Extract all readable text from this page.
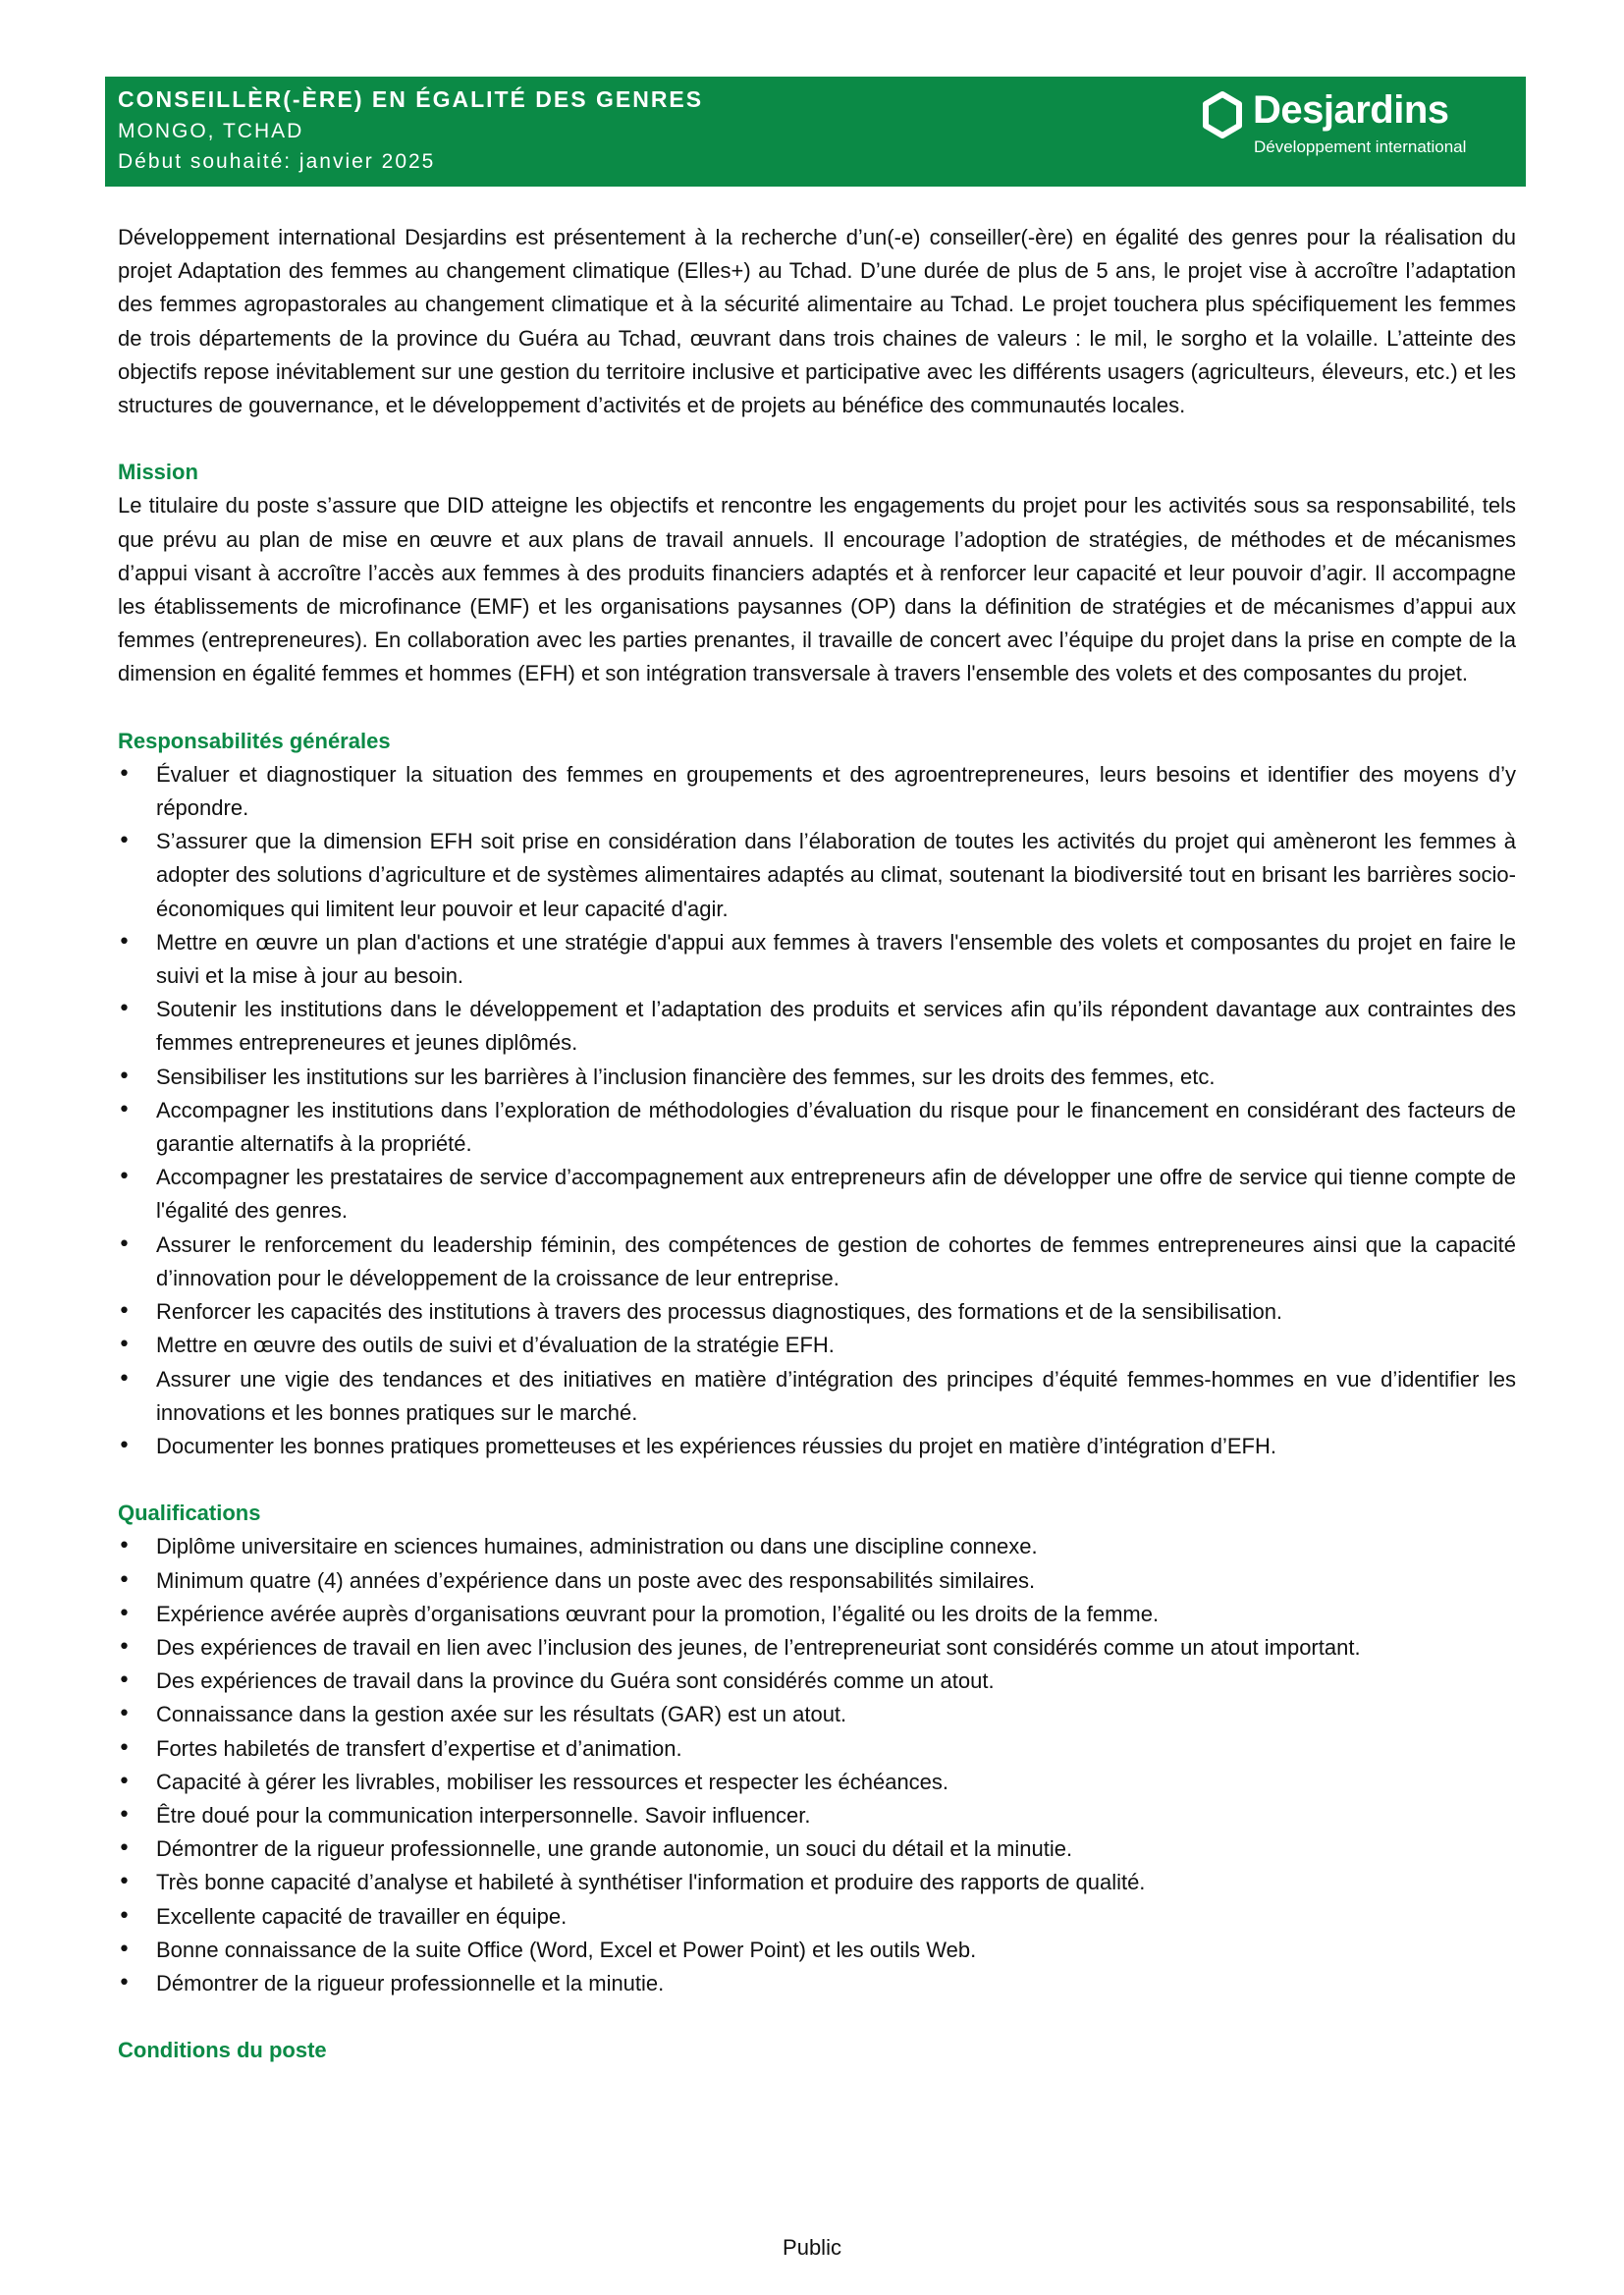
CONSEILLÈR(-ÈRE) EN ÉGALITÉ DES GENRES
MONGO, TCHAD
Début souhaité: janvier 2025
Desjardins
Développement international

Développement international Desjardins est présentement à la recherche d’un(-e) conseiller(-ère) en égalité des genres pour la réalisation du projet Adaptation des femmes au changement climatique (Elles+) au Tchad. D’une durée de plus de 5 ans, le projet vise à accroître l’adaptation des femmes agropastorales au changement climatique et à la sécurité alimentaire au Tchad. Le projet touchera plus spécifiquement les femmes de trois départements de la province du Guéra au Tchad, œuvrant dans trois chaines de valeurs : le mil, le sorgho et la volaille. L’atteinte des objectifs repose inévitablement sur une gestion du territoire inclusive et participative avec les différents usagers (agriculteurs, éleveurs, etc.) et les structures de gouvernance, et le développement d’activités et de projets au bénéfice des communautés locales.

Mission

Le titulaire du poste s’assure que DID atteigne les objectifs et rencontre les engagements du projet pour les activités sous sa responsabilité, tels que prévu au plan de mise en œuvre et aux plans de travail annuels. Il encourage l’adoption de stratégies, de méthodes et de mécanismes d’appui visant à accroître l’accès aux femmes à des produits financiers adaptés et à renforcer leur capacité et leur pouvoir d’agir. Il accompagne les établissements de microfinance (EMF) et les organisations paysannes (OP) dans la définition de stratégies et de mécanismes d’appui aux femmes (entrepreneures). En collaboration avec les parties prenantes, il travaille de concert avec l’équipe du projet dans la prise en compte de la dimension en égalité femmes et hommes (EFH) et son intégration transversale à travers l'ensemble des volets et des composantes du projet.

Responsabilités générales
• Évaluer et diagnostiquer la situation des femmes en groupements et des agroentrepreneures, leurs besoins et identifier des moyens d’y répondre.
• S’assurer que la dimension EFH soit prise en considération dans l’élaboration de toutes les activités du projet qui amèneront les femmes à adopter des solutions d’agriculture et de systèmes alimentaires adaptés au climat, soutenant la biodiversité tout en brisant les barrières socio-économiques qui limitent leur pouvoir et leur capacité d'agir.
• Mettre en œuvre un plan d'actions et une stratégie d'appui aux femmes à travers l'ensemble des volets et composantes du projet en faire le suivi et la mise à jour au besoin.
• Soutenir les institutions dans le développement et l’adaptation des produits et services afin qu’ils répondent davantage aux contraintes des femmes entrepreneures et jeunes diplômés.
• Sensibiliser les institutions sur les barrières à l’inclusion financière des femmes, sur les droits des femmes, etc.
• Accompagner les institutions dans l’exploration de méthodologies d’évaluation du risque pour le financement en considérant des facteurs de garantie alternatifs à la propriété.
• Accompagner les prestataires de service d’accompagnement aux entrepreneurs afin de développer une offre de service qui tienne compte de l'égalité des genres.
• Assurer le renforcement du leadership féminin, des compétences de gestion de cohortes de femmes entrepreneures ainsi que la capacité d’innovation pour le développement de la croissance de leur entreprise.
• Renforcer les capacités des institutions à travers des processus diagnostiques, des formations et de la sensibilisation.
• Mettre en œuvre des outils de suivi et d’évaluation de la stratégie EFH.
• Assurer une vigie des tendances et des initiatives en matière d’intégration des principes d’équité femmes-hommes en vue d’identifier les innovations et les bonnes pratiques sur le marché.
• Documenter les bonnes pratiques prometteuses et les expériences réussies du projet en matière d’intégration d’EFH.
Qualifications
• Diplôme universitaire en sciences humaines, administration ou dans une discipline connexe.
• Minimum quatre (4) années d’expérience dans un poste avec des responsabilités similaires.
• Expérience avérée auprès d’organisations œuvrant pour la promotion, l’égalité ou les droits de la femme.
• Des expériences de travail en lien avec l’inclusion des jeunes, de l’entrepreneuriat sont considérés comme un atout important.
• Des expériences de travail dans la province du Guéra sont considérés comme un atout.
• Connaissance dans la gestion axée sur les résultats (GAR) est un atout.
• Fortes habiletés de transfert d’expertise et d’animation.
• Capacité à gérer les livrables, mobiliser les ressources et respecter les échéances.
• Être doué pour la communication interpersonnelle. Savoir influencer.
• Démontrer de la rigueur professionnelle, une grande autonomie, un souci du détail et la minutie.
• Très bonne capacité d’analyse et habileté à synthétiser l'information et produire des rapports de qualité.
• Excellente capacité de travailler en équipe.
• Bonne connaissance de la suite Office (Word, Excel et Power Point) et les outils Web.
• Démontrer de la rigueur professionnelle et la minutie.
Conditions du poste
Public
